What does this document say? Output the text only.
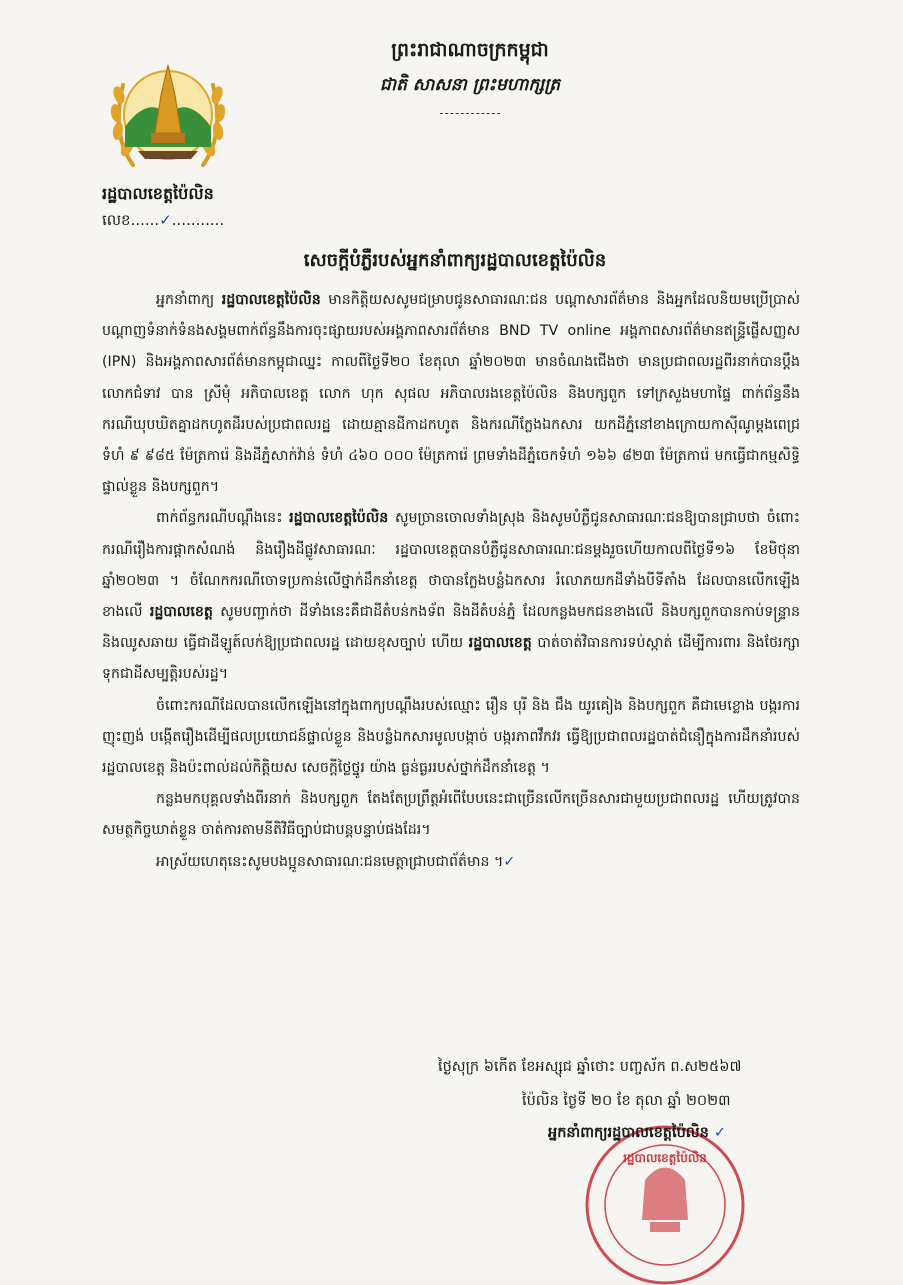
ព្រះរាជាណាចក្រកម្ពុជា
ជាតិ សាសនា ព្រះមហាក្សត្រ
រដ្ឋបាលខេត្តប៉ៃលិន
លេខ......✓...........
សេចក្តីបំភ្លឺរបស់អ្នកនាំពាក្យរដ្ឋបាលខេត្តប៉ៃលិន

អ្នកនាំពាក្យ រដ្ឋបាលខេត្តប៉ៃលិន មានកិត្តិយសសូមជម្រាបជូនសាធារណៈជន បណ្តាសារព័ត៌មាន និងអ្នកដែលនិយមប្រើប្រាស់បណ្តាញទំនាក់ទំនងសង្គមពាក់ព័ន្ធនឹងការចុះផ្សាយរបស់អង្គភាពសារព័ត៌មាន BND TV online អង្គភាពសារព័ត៌មានឥន្ទ្រីផ្លើសញ្ញស (IPN) និងអង្គភាពសារព័ត៌មានកម្ពុជាឈ្នះ កាលពីថ្ងៃទី២០ ខែតុលា ឆ្នាំ២០២៣ មានចំណងជើងថា មានប្រជាពលរដ្ឋពីរនាក់បានប្តឹងលោកជំទាវ បាន ស្រីមុំ អភិបាលខេត្ត លោក ហុក សុផល អភិបាលរងខេត្តប៉ៃលិន និងបក្សពួក ទៅក្រសួងមហាផ្ទៃ ពាក់ព័ន្ធនឹងករណីឃុបឃិតគ្នាដកហូតដីរបស់ប្រជាពលរដ្ឋ ដោយគ្មានដីកាដកហូត និងករណីក្លែងឯកសារ យកដីភ្នំនៅខាងក្រោយកាស៊ីណូម្តងពេជ្រ ទំហំ ៩ ៩៨៥ ម៉ែត្រការ៉េ និងដីភ្នំសាក់វ៉ាន់ ទំហំ ៤៦០ ០០០ ម៉ែត្រការ៉េ ព្រមទាំងដីភ្នំចេកទំហំ ១៦៦ ៨២៣ ម៉ែត្រការ៉េ មកធ្វើជាកម្មសិទ្ធិផ្ទាល់ខ្លួន និងបក្សពួក។

ពាក់ព័ន្ធករណីបណ្តឹងនេះ រដ្ឋបាលខេត្តប៉ៃលិន សូមច្រានចោលទាំងស្រុង និងសូមបំភ្លឺជូនសាធារណៈជនឱ្យបានជ្រាបថា ចំពោះករណីរឿងការផ្តាកសំណង់ និងរឿងដីផ្លូវសាធារណៈ រដ្ឋបាលខេត្តបានបំភ្លឺជូនសាធារណៈជនម្តងរួចហើយកាលពីថ្ងៃទី១៦ ខែមិថុនា ឆ្នាំ២០២៣ ។ ចំណែកករណីចោទប្រកាន់លើថ្នាក់ដឹកនាំខេត្ត ថាបានក្លែងបន្លំឯកសារ រំលោភយកដីទាំងបីទីតាំង ដែលបានលើកឡើងខាងលើ រដ្ឋបាលខេត្ត សូមបញ្ជាក់ថា ដីទាំងនេះគឺជាដីតំបន់កងទ័ព និងដីតំបន់ភ្នំ ដែលកន្លងមកជនខាងលើ និងបក្សពួកបានកាប់ទន្ទ្រាន និងឈូសឆាយ ធ្វើជាដីឡូត៍លក់ឱ្យប្រជាពលរដ្ឋ ដោយខុសច្បាប់ ហើយ រដ្ឋបាលខេត្ត បាត់ចាត់វិធានការទប់ស្កាត់ ដើម្បីការពារ និងថែរក្សាទុកជាដីសម្បត្តិរបស់រដ្ឋ។

ចំពោះករណីដែលបានលើកឡើងនៅក្នុងពាក្យបណ្តឹងរបស់ឈ្មោះ រឿន បុរី និង ជឹង យូរគៀង និងបក្សពួក គឺជាមេខ្លោង បង្ករការញុះញង់ បង្កើតរឿងដើម្បីផលប្រយោជន៍ផ្ទាល់ខ្លួន និងបន្លំឯកសារមូលបង្កាច់ បង្ករភាពវឹកវរ ធ្វើឱ្យប្រជាពលរដ្ឋបាត់ជំនឿក្នុងការដឹកនាំរបស់រដ្ឋបាលខេត្ត និងប៉ះពាល់ដល់កិត្តិយស សេចក្តីថ្លៃថ្នូរ យ៉ាង ធ្ងន់ធ្ងររបស់ថ្នាក់ដឹកនាំខេត្ត ។

កន្លងមកបុគ្គលទាំងពីរនាក់ និងបក្សពួក តែងតែប្រព្រឹត្តអំពើបែបនេះជាច្រើនលើកច្រើនសារជាមួយប្រជាពលរដ្ឋ ហើយត្រូវបានសមត្ថកិច្ចឃាត់ខ្លួន ចាត់ការតាមនីតិវិធីច្បាប់ជាបន្តបន្ទាប់ផងដែរ។

អាស្រ័យហេតុនេះសូមបងប្អូនសាធារណៈជនមេត្តាជ្រាបជាព័ត៌មាន ។✓

ថ្ងៃសុក្រ ៦កើត ខែអស្សុជ ឆ្នាំថោះ បញ្ចស័ក ព.ស២៥៦៧
ប៉ៃលិន ថ្ងៃទី ២០ ខែ តុលា ឆ្នាំ ២០២៣
រដ្ឋបាលខេត្តប៉ៃលិន
អ្នកនាំពាក្យរដ្ឋបាលខេត្តប៉ៃលិន ✓
